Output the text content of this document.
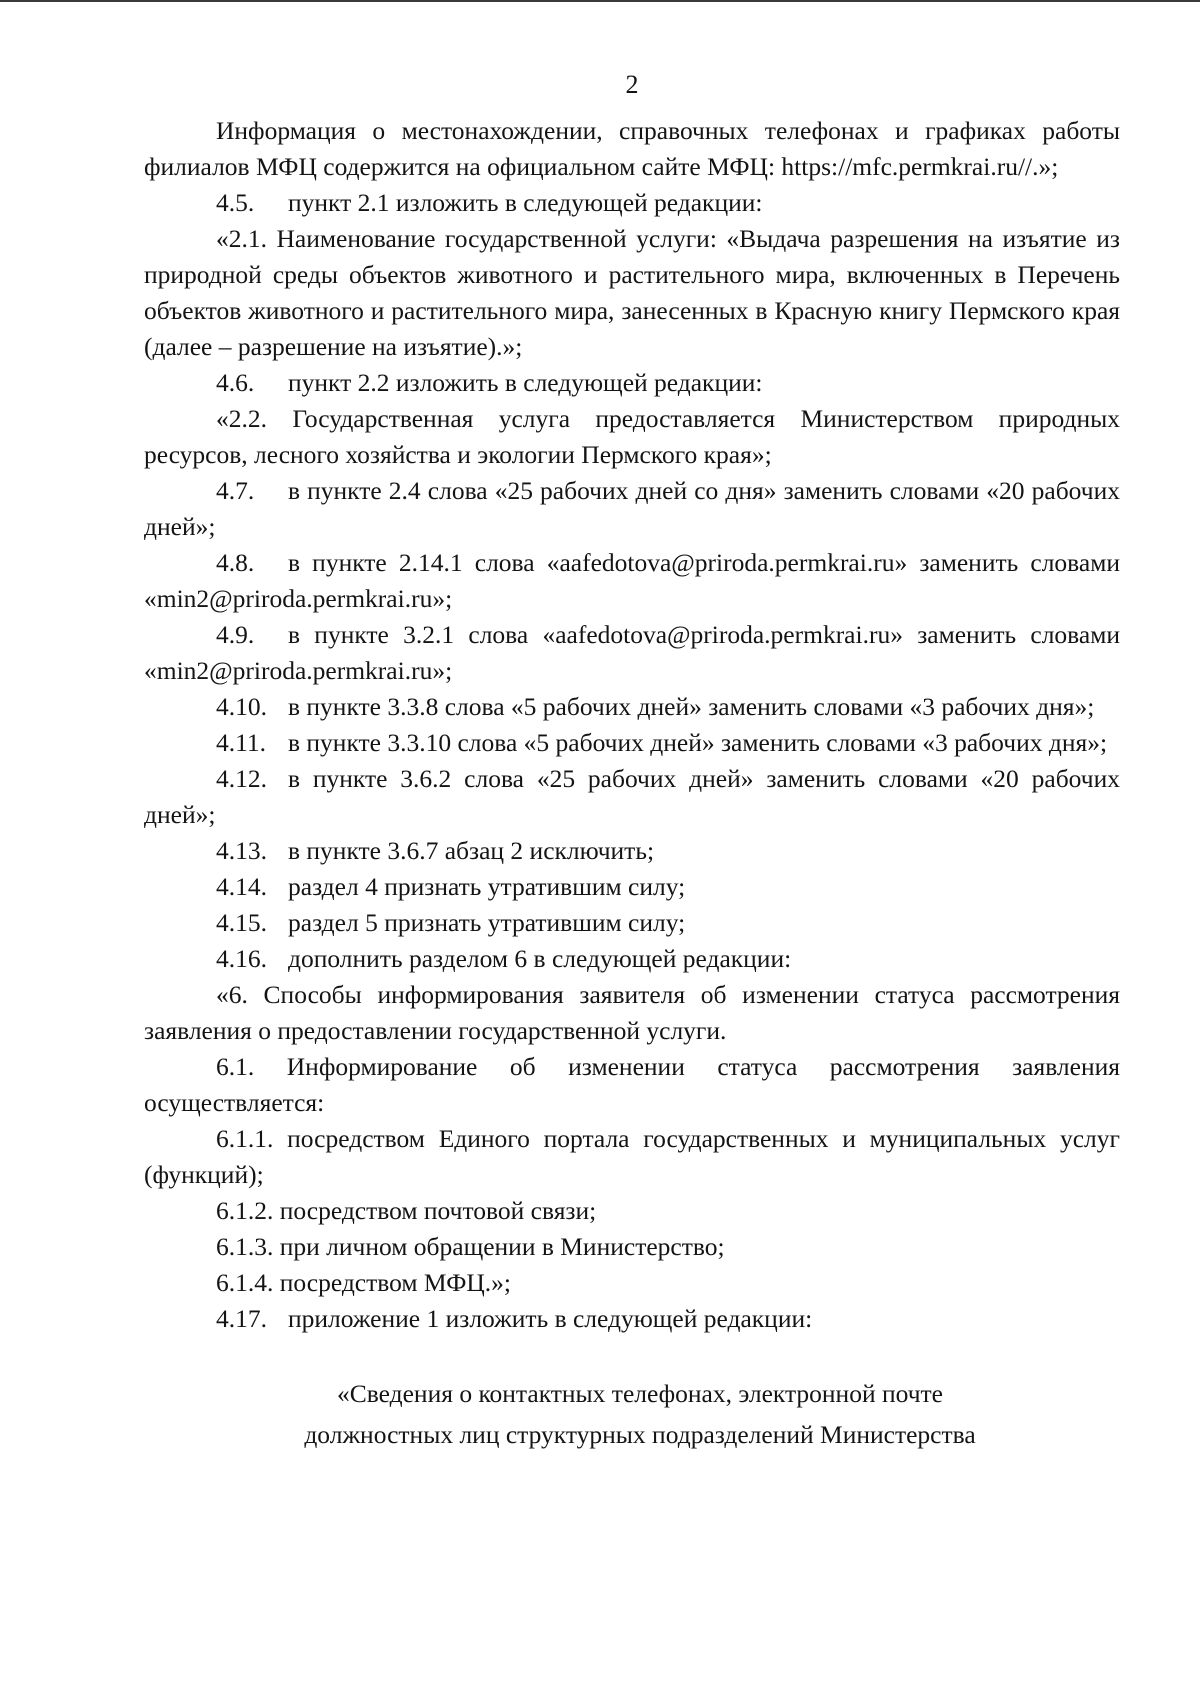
2

Информация о местонахождении, справочных телефонах и графиках работы филиалов МФЦ содержится на официальном сайте МФЦ: https://mfc.permkrai.ru//.»;

4.5. пункт 2.1 изложить в следующей редакции:

«2.1. Наименование государственной услуги: «Выдача разрешения на изъятие из природной среды объектов животного и растительного мира, включенных в Перечень объектов животного и растительного мира, занесенных в Красную книгу Пермского края (далее – разрешение на изъятие).»;

4.6. пункт 2.2 изложить в следующей редакции:

«2.2. Государственная услуга предоставляется Министерством природных ресурсов, лесного хозяйства и экологии Пермского края»;

4.7. в пункте 2.4 слова «25 рабочих дней со дня» заменить словами «20 рабочих дней»;

4.8. в пункте 2.14.1 слова «aafedotova@priroda.permkrai.ru» заменить словами «min2@priroda.permkrai.ru»;

4.9. в пункте 3.2.1 слова «aafedotova@priroda.permkrai.ru» заменить словами «min2@priroda.permkrai.ru»;

4.10. в пункте 3.3.8 слова «5 рабочих дней» заменить словами «3 рабочих дня»;

4.11. в пункте 3.3.10 слова «5 рабочих дней» заменить словами «3 рабочих дня»;

4.12. в пункте 3.6.2 слова «25 рабочих дней» заменить словами «20 рабочих дней»;

4.13. в пункте 3.6.7 абзац 2 исключить;

4.14. раздел 4 признать утратившим силу;

4.15. раздел 5 признать утратившим силу;

4.16. дополнить разделом 6 в следующей редакции:

«6. Способы информирования заявителя об изменении статуса рассмотрения заявления о предоставлении государственной услуги.

6.1. Информирование об изменении статуса рассмотрения заявления осуществляется:

6.1.1. посредством Единого портала государственных и муниципальных услуг (функций);

6.1.2. посредством почтовой связи;

6.1.3. при личном обращении в Министерство;

6.1.4. посредством МФЦ.»;

4.17. приложение 1 изложить в следующей редакции:

«Сведения о контактных телефонах, электронной почте

должностных лиц структурных подразделений Министерства
